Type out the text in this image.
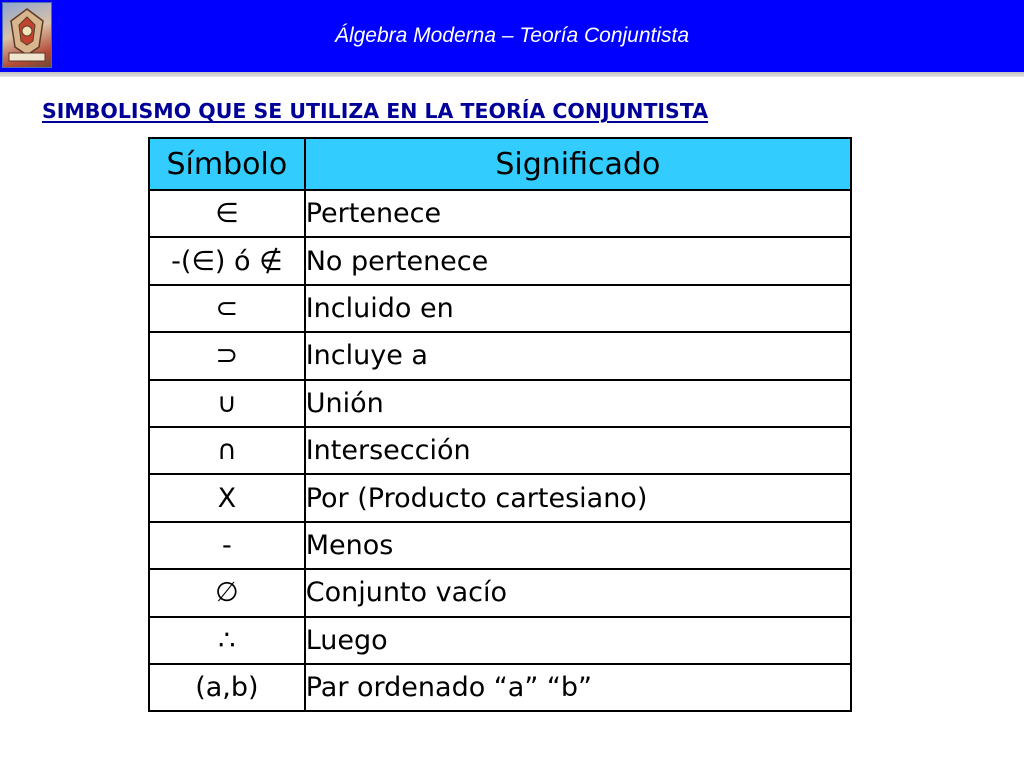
Álgebra Moderna – Teoría Conjuntista
SIMBOLISMO QUE SE UTILIZA EN LA TEORÍA CONJUNTISTA
Símbolo	Significado
∈	Pertenece
-(∈) ó ∉	No pertenece
⊂	Incluido en
⊃	Incluye a
∪	Unión
∩	Intersección
X	Por (Producto cartesiano)
-	Menos
∅	Conjunto vacío
∴	Luego
(a,b)	Par ordenado “a” “b”
